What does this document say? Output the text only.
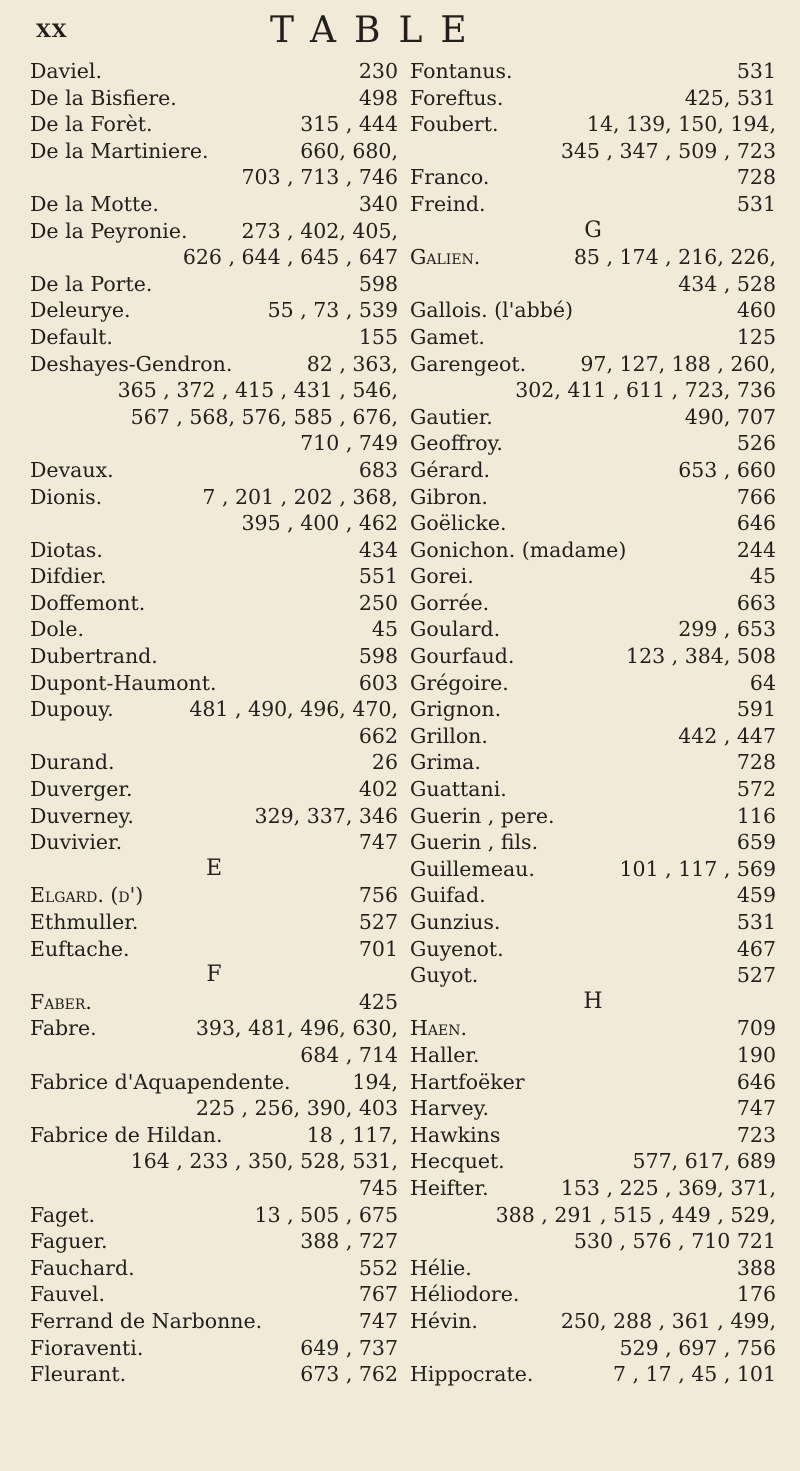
XX	TABLE
Daviel.	230
De la Bisfiere.	498
De la Forèt.	315 , 444
De la Martiniere.	660, 680,
703 , 713 , 746
De la Motte.	340
De la Peyronie.	273 , 402, 405,
626 , 644 , 645 , 647
De la Porte.	598
Deleurye.	55 , 73 , 539
Default.	155
Deshayes-Gendron.	82 , 363,
365 , 372 , 415 , 431 , 546,
567 , 568, 576, 585 , 676,
710 , 749
Devaux.	683
Dionis.	7 , 201 , 202 , 368,
395 , 400 , 462
Diotas.	434
Difdier.	551
Doffemont.	250
Dole.	45
Dubertrand.	598
Dupont-Haumont.	603
Dupouy.	481 , 490, 496, 470,
662
Durand.	26
Duverger.	402
Duverney.	329, 337, 346
Duvivier.	747
E
Elgard. (d')	756
Ethmuller.	527
Euftache.	701
F
Faber.	425
Fabre.	393, 481, 496, 630,
684 , 714
Fabrice d'Aquapendente.	194,
225 , 256, 390, 403
Fabrice de Hildan.	18 , 117,
164 , 233 , 350, 528, 531,
745
Faget.	13 , 505 , 675
Faguer.	388 , 727
Fauchard.	552
Fauvel.	767
Ferrand de Narbonne.	747
Fioraventi.	649 , 737
Fleurant.	673 , 762
Fontanus.	531
Foreftus.	425, 531
Foubert.	14, 139, 150, 194,
345 , 347 , 509 , 723
Franco.	728
Freind.	531
G
Galien.	85 , 174 , 216, 226,
434 , 528
Gallois. (l'abbé)	460
Gamet.	125
Garengeot.	97, 127, 188 , 260,
302, 411 , 611 , 723, 736
Gautier.	490, 707
Geoffroy.	526
Gérard.	653 , 660
Gibron.	766
Goëlicke.	646
Gonichon. (madame)	244
Gorei.	45
Gorrée.	663
Goulard.	299 , 653
Gourfaud.	123 , 384, 508
Grégoire.	64
Grignon.	591
Grillon.	442 , 447
Grima.	728
Guattani.	572
Guerin , pere.	116
Guerin , fils.	659
Guillemeau.	101 , 117 , 569
Guifad.	459
Gunzius.	531
Guyenot.	467
Guyot.	527
H
Haen.	709
Haller.	190
Hartfoëker	646
Harvey.	747
Hawkins	723
Hecquet.	577, 617, 689
Heifter.	153 , 225 , 369, 371,
388 , 291 , 515 , 449 , 529,
530 , 576 , 710 721
Hélie.	388
Héliodore.	176
Hévin.	250, 288 , 361 , 499,
529 , 697 , 756
Hippocrate.	7 , 17 , 45 , 101
